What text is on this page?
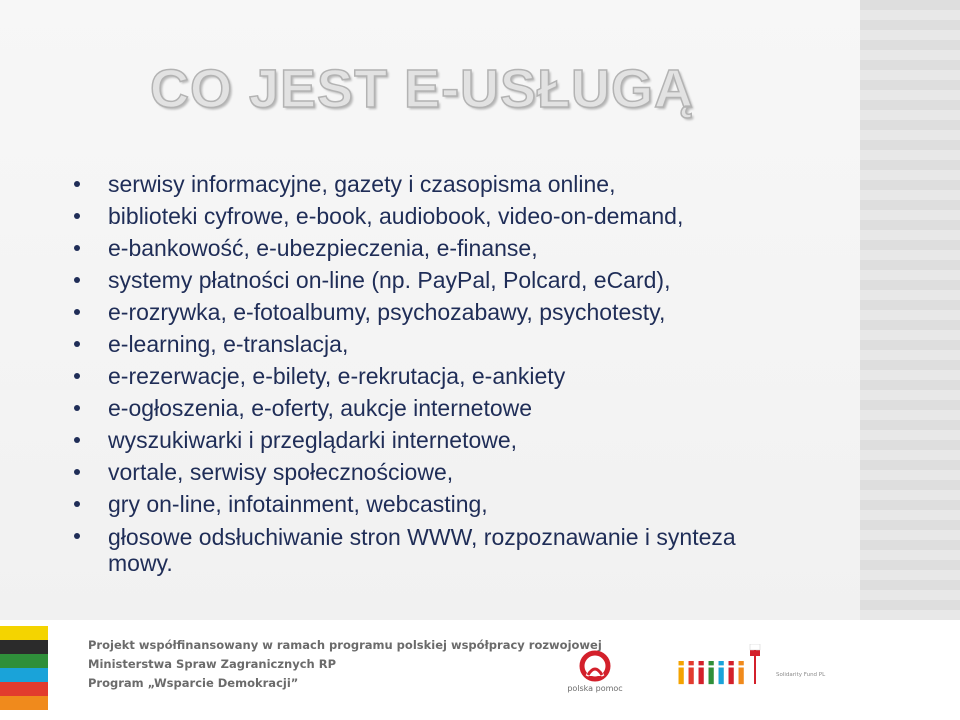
CO JEST E-USŁUGĄ
serwisy informacyjne, gazety i czasopisma online,
biblioteki cyfrowe, e-book, audiobook, video-on-demand,
e-bankowość, e-ubezpieczenia, e-finanse,
systemy płatności on-line (np. PayPal, Polcard, eCard),
e-rozrywka, e-fotoalbumy, psychozabawy, psychotesty,
e-learning, e-translacja,
e-rezerwacje, e-bilety, e-rekrutacja, e-ankiety
e-ogłoszenia, e-oferty, aukcje internetowe
wyszukiwarki i przeglądarki internetowe,
vortale, serwisy społecznościowe,
gry on-line, infotainment, webcasting,
głosowe odsłuchiwanie stron WWW, rozpoznawanie i synteza mowy.
Projekt współfinansowany w ramach programu polskiej współpracy rozwojowej
Ministerstwa Spraw Zagranicznych RP
Program „Wsparcie Demokracji”	polska pomoc	i i i i i i i	Solidarity Fund PL
